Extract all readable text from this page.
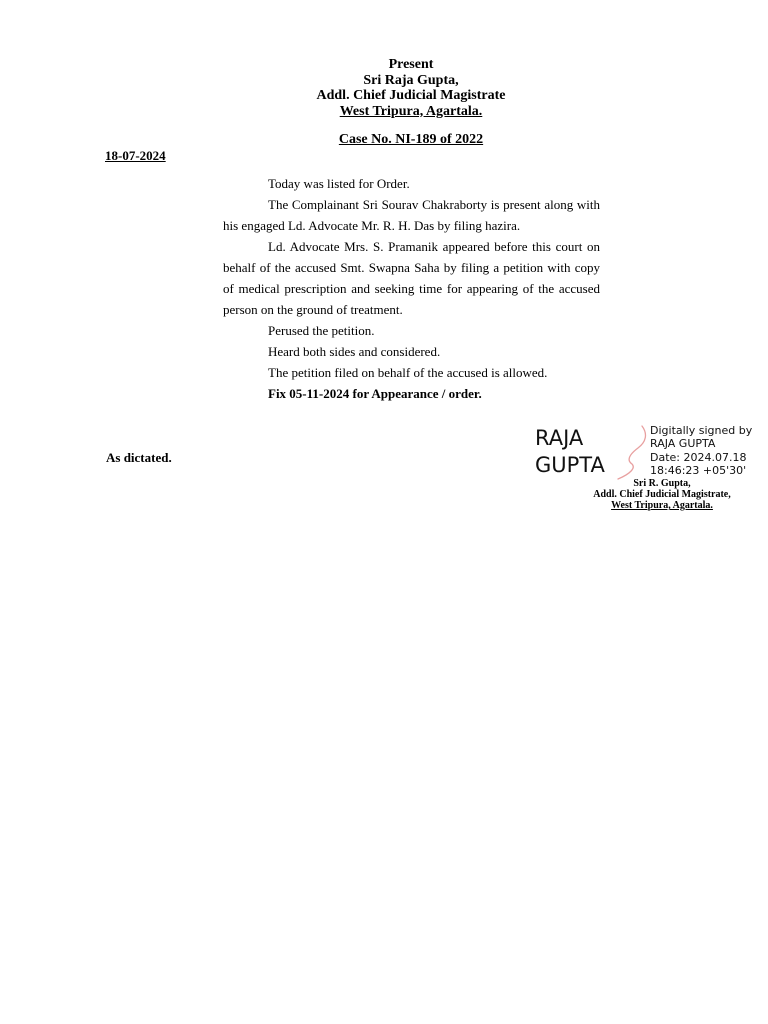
Present
Sri Raja Gupta,
Addl. Chief Judicial Magistrate
West Tripura, Agartala.
Case No. NI-189 of 2022
18-07-2024

Today was listed for Order.

The Complainant Sri Sourav Chakraborty is present along with his engaged Ld. Advocate Mr. R. H. Das by filing hazira.

Ld. Advocate Mrs. S. Pramanik appeared before this court on behalf of the accused Smt. Swapna Saha by filing a petition with copy of medical prescription and seeking time for appearing of the accused person on the ground of treatment.

Perused the petition.

Heard both sides and considered.

The petition filed on behalf of the accused is allowed.

Fix 05-11-2024 for Appearance / order.

As dictated.
RAJA
GUPTA
Digitally signed by
RAJA GUPTA
Date: 2024.07.18
18:46:23 +05'30'
Sri R. Gupta,
Addl. Chief Judicial Magistrate,
West Tripura, Agartala.
